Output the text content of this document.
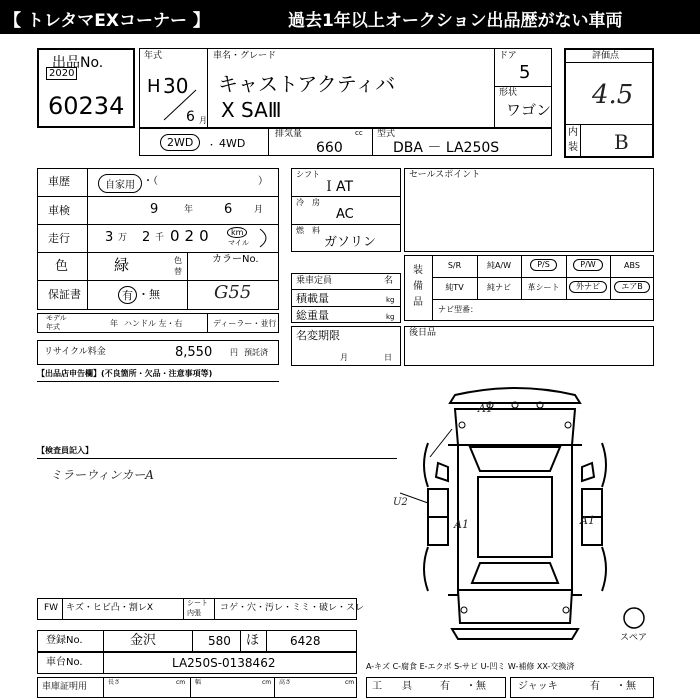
【 トレタマEXコーナー 】	過去1年以上オークション出品歴がない車両
出品No.
2020
60234
年式
H 30
6 月
車名・グレード
キャストアクティバ
X SAⅢ
ドア
5
形状
ワゴン
評価点
4.5
内
装 B
2WD	・ 4WD
排気量	cc
660
型式
DBA － LA250S
車歴	自家用 ・（　　　　　　　　　　）
車検	9	年 6 月
走行	3 万 2 千 020	km
マイル
色	緑	色
替
カラーNo.
G55
保証書	有 ・無
モデル
年式	年 ハンドル 左・右	ディーラー・並行
リサイクル料金	8,550 円 預託済
シフト
ＩAT
冷　房
AC
燃　料
ガソリン
乗車定員	名
積載量	kg
総重量	kg
名変期限
月	日
セールスポイント
装
備
品
S/R	純A/W	P/S	P/W	ABS
純TV	純ナビ	革シート	外ナビ	エアB
ナビ型番：
後日品
【出品店申告欄】(不良箇所・欠品・注意事項等)
【検査員記入】
ミラーウィンカーA
A1
A1	A1
U2
スペア
FW キズ・ヒビ凸・割レX	シート
内張 コゲ・穴・汚レ・ミミ・破レ・スレ
登録No.	金沢	580 ほ	6428
車台No.	LA250S-0138462	A-キズ C-腐食 E-エクボ S-サビ U-凹ミ W-補修 XX-交換済
車庫証明用	長さ	cm 幅	cm 高さ	cm 工　　具	有 ・無	ジャッキ	有 ・無
